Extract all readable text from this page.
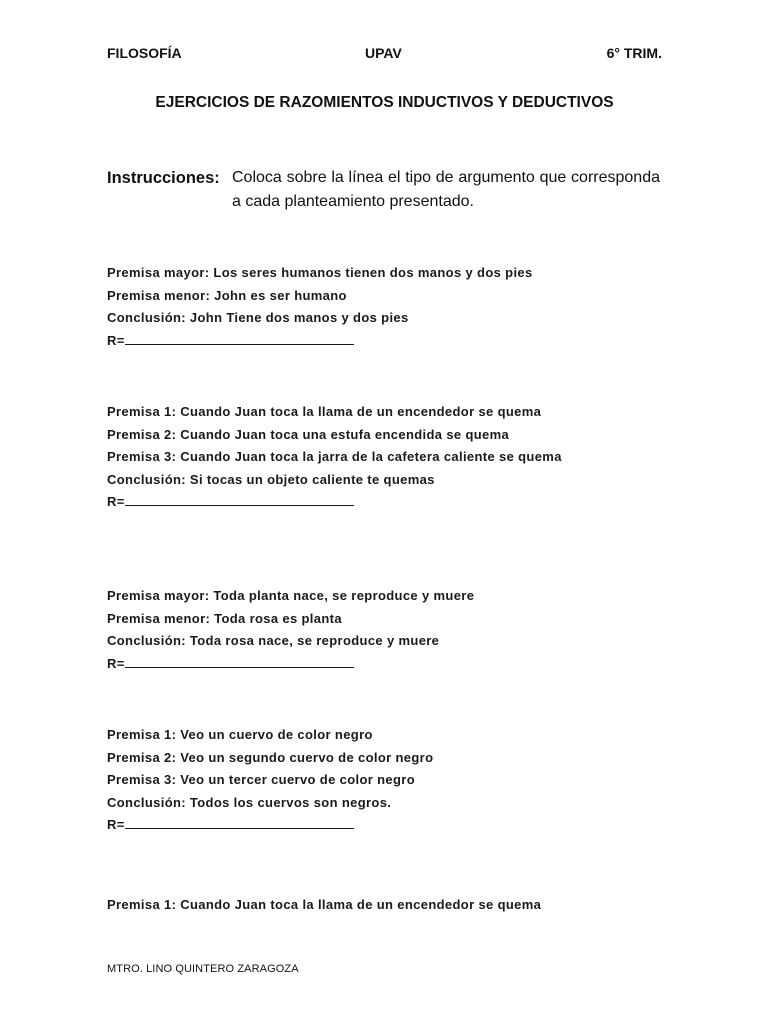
FILOSOFÍA	UPAV	6° TRIM.
EJERCICIOS DE RAZOMIENTOS INDUCTIVOS Y DEDUCTIVOS
Instrucciones: Coloca sobre la línea el tipo de argumento que corresponda a cada planteamiento presentado.
Premisa mayor: Los seres humanos tienen dos manos y dos pies
Premisa menor: John es ser humano
Conclusión: John Tiene dos manos y dos pies
R=
Premisa 1: Cuando Juan toca la llama de un encendedor se quema
Premisa 2: Cuando Juan toca una estufa encendida se quema
Premisa 3: Cuando Juan toca la jarra de la cafetera caliente se quema
Conclusión: Si tocas un objeto caliente te quemas
R=
Premisa mayor: Toda planta nace, se reproduce y muere
Premisa menor: Toda rosa es planta
Conclusión: Toda rosa nace, se reproduce y muere
R=
Premisa 1: Veo un cuervo de color negro
Premisa 2: Veo un segundo cuervo de color negro
Premisa 3: Veo un tercer cuervo de color negro
Conclusión: Todos los cuervos son negros.
R=
Premisa 1: Cuando Juan toca la llama de un encendedor se quema
MTRO. LINO QUINTERO ZARAGOZA
